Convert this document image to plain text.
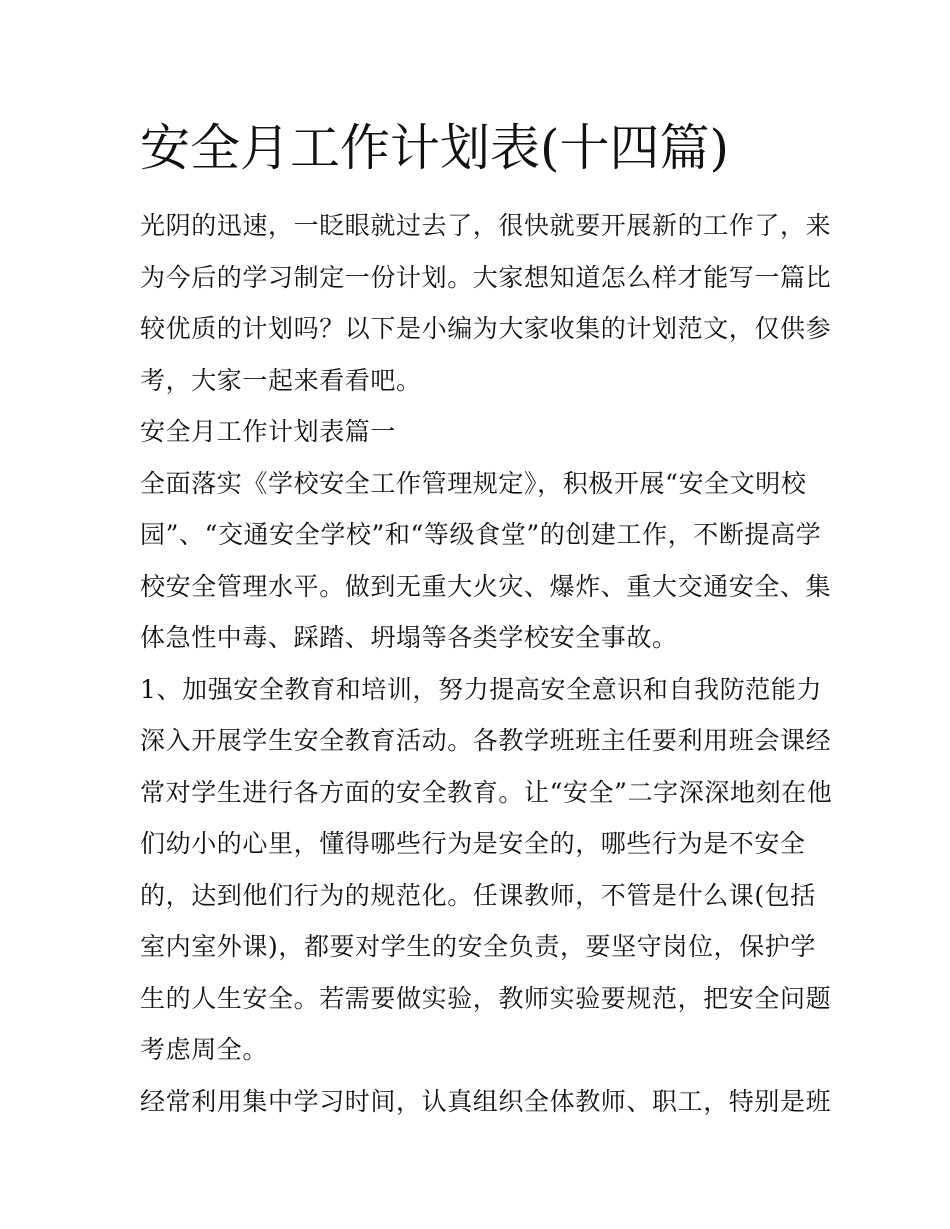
安全月工作计划表(十四篇)
光阴的迅速，一眨眼就过去了，很快就要开展新的工作了，来
为今后的学习制定一份计划。大家想知道怎么样才能写一篇比
较优质的计划吗？以下是小编为大家收集的计划范文，仅供参
考，大家一起来看看吧。
安全月工作计划表篇一
全面落实《学校安全工作管理规定》，积极开展“安全文明校
园”、“交通安全学校”和“等级食堂”的创建工作，不断提高学
校安全管理水平。做到无重大火灾、爆炸、重大交通安全、集
体急性中毒、踩踏、坍塌等各类学校安全事故。
1、加强安全教育和培训，努力提高安全意识和自我防范能力
深入开展学生安全教育活动。各教学班班主任要利用班会课经
常对学生进行各方面的安全教育。让“安全”二字深深地刻在他
们幼小的心里，懂得哪些行为是安全的，哪些行为是不安全
的，达到他们行为的规范化。任课教师，不管是什么课(包括
室内室外课)，都要对学生的安全负责，要坚守岗位，保护学
生的人生安全。若需要做实验，教师实验要规范，把安全问题
考虑周全。
经常利用集中学习时间，认真组织全体教师、职工，特别是班
